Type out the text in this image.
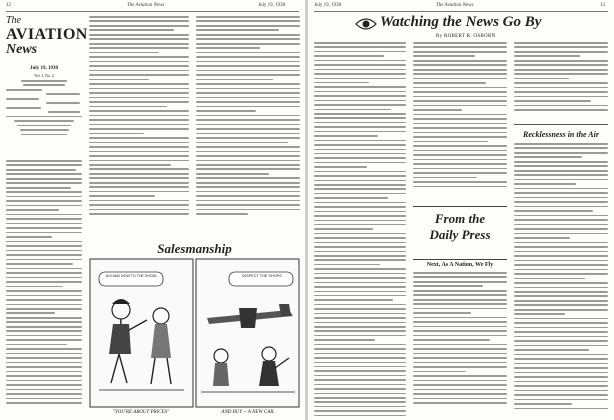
12	The Aviation News	July 19, 1930
The
AVIATION
News
July 19, 1930
Vol. I, No. 2
Salesmanship
AH! AND NOW TO THE SHOW--	INSPECT THE SHOPS
"YOU'RE ABOUT PRICES"	AND BUY -- A NEW CAR.
July 19, 1930	The Aviation News	13
Watching the News Go By
By ROBERT R. OSBORN
From the
Daily Press
Next, As A Nation, We Fly
Recklessness in the Air
